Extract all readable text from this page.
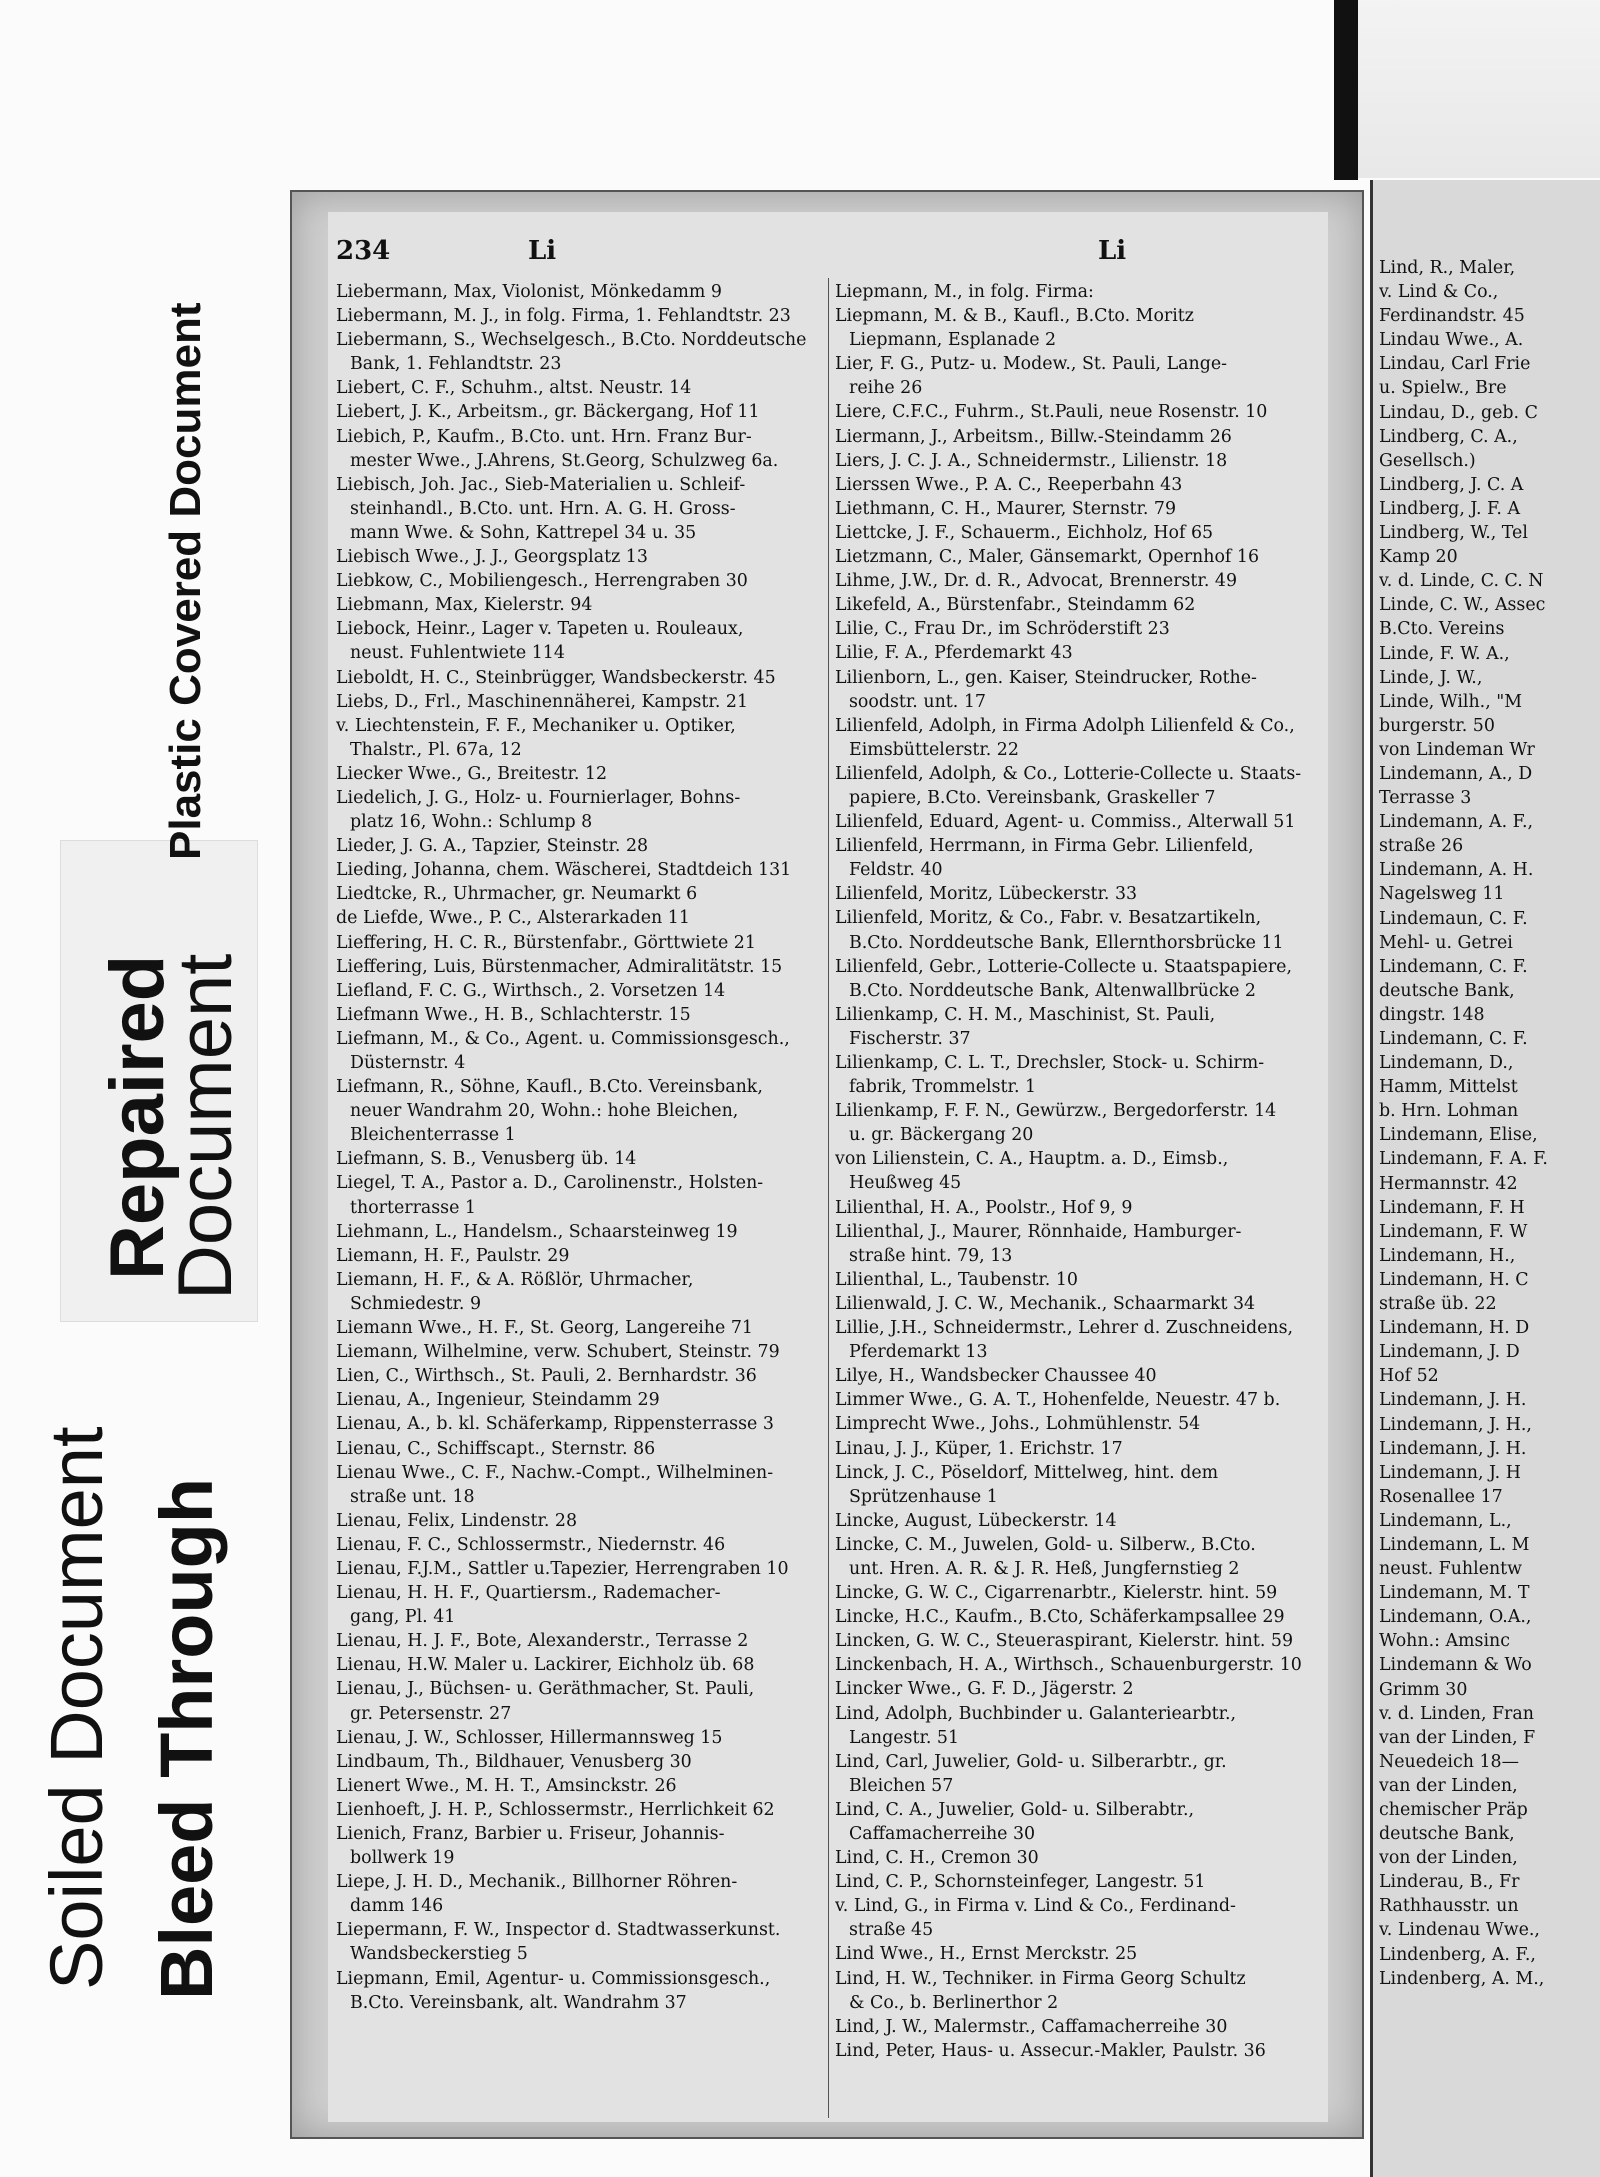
Bleed Through
Soiled Document
Repaired
Document
Plastic Covered Document
234	Li	Li
Liebermann, Max, Violonist, Mönkedamm 9
Liebermann, M. J., in folg. Firma, 1. Fehlandtstr. 23
Liebermann, S., Wechselgesch., B.Cto. Norddeutsche
Bank, 1. Fehlandtstr. 23
Liebert, C. F., Schuhm., altst. Neustr. 14
Liebert, J. K., Arbeitsm., gr. Bäckergang, Hof 11
Liebich, P., Kaufm., B.Cto. unt. Hrn. Franz Bur-
mester Wwe., J.Ahrens, St.Georg, Schulzweg 6a.
Liebisch, Joh. Jac., Sieb-Materialien u. Schleif-
steinhandl., B.Cto. unt. Hrn. A. G. H. Gross-
mann Wwe. & Sohn, Kattrepel 34 u. 35
Liebisch Wwe., J. J., Georgsplatz 13
Liebkow, C., Mobiliengesch., Herrengraben 30
Liebmann, Max, Kielerstr. 94
Liebock, Heinr., Lager v. Tapeten u. Rouleaux,
neust. Fuhlentwiete 114
Lieboldt, H. C., Steinbrügger, Wandsbeckerstr. 45
Liebs, D., Frl., Maschinennäherei, Kampstr. 21
v. Liechtenstein, F. F., Mechaniker u. Optiker,
Thalstr., Pl. 67a, 12
Liecker Wwe., G., Breitestr. 12
Liedelich, J. G., Holz- u. Fournierlager, Bohns-
platz 16, Wohn.: Schlump 8
Lieder, J. G. A., Tapzier, Steinstr. 28
Lieding, Johanna, chem. Wäscherei, Stadtdeich 131
Liedtcke, R., Uhrmacher, gr. Neumarkt 6
de Liefde, Wwe., P. C., Alsterarkaden 11
Lieffering, H. C. R., Bürstenfabr., Görttwiete 21
Lieffering, Luis, Bürstenmacher, Admiralitätstr. 15
Liefland, F. C. G., Wirthsch., 2. Vorsetzen 14
Liefmann Wwe., H. B., Schlachterstr. 15
Liefmann, M., & Co., Agent. u. Commissionsgesch.,
Düsternstr. 4
Liefmann, R., Söhne, Kaufl., B.Cto. Vereinsbank,
neuer Wandrahm 20, Wohn.: hohe Bleichen,
Bleichenterrasse 1
Liefmann, S. B., Venusberg üb. 14
Liegel, T. A., Pastor a. D., Carolinenstr., Holsten-
thorterrasse 1
Liehmann, L., Handelsm., Schaarsteinweg 19
Liemann, H. F., Paulstr. 29
Liemann, H. F., & A. Rößlör, Uhrmacher,
Schmiedestr. 9
Liemann Wwe., H. F., St. Georg, Langereihe 71
Liemann, Wilhelmine, verw. Schubert, Steinstr. 79
Lien, C., Wirthsch., St. Pauli, 2. Bernhardstr. 36
Lienau, A., Ingenieur, Steindamm 29
Lienau, A., b. kl. Schäferkamp, Rippensterrasse 3
Lienau, C., Schiffscapt., Sternstr. 86
Lienau Wwe., C. F., Nachw.-Compt., Wilhelminen-
straße unt. 18
Lienau, Felix, Lindenstr. 28
Lienau, F. C., Schlossermstr., Niedernstr. 46
Lienau, F.J.M., Sattler u.Tapezier, Herrengraben 10
Lienau, H. H. F., Quartiersm., Rademacher-
gang, Pl. 41
Lienau, H. J. F., Bote, Alexanderstr., Terrasse 2
Lienau, H.W. Maler u. Lackirer, Eichholz üb. 68
Lienau, J., Büchsen- u. Geräthmacher, St. Pauli,
gr. Petersenstr. 27
Lienau, J. W., Schlosser, Hillermannsweg 15
Lindbaum, Th., Bildhauer, Venusberg 30
Lienert Wwe., M. H. T., Amsinckstr. 26
Lienhoeft, J. H. P., Schlossermstr., Herrlichkeit 62
Lienich, Franz, Barbier u. Friseur, Johannis-
bollwerk 19
Liepe, J. H. D., Mechanik., Billhorner Röhren-
damm 146
Liepermann, F. W., Inspector d. Stadtwasserkunst.
Wandsbeckerstieg 5
Liepmann, Emil, Agentur- u. Commissionsgesch.,
B.Cto. Vereinsbank, alt. Wandrahm 37
Liepmann, M., in folg. Firma:
Liepmann, M. & B., Kaufl., B.Cto. Moritz
Liepmann, Esplanade 2
Lier, F. G., Putz- u. Modew., St. Pauli, Lange-
reihe 26
Liere, C.F.C., Fuhrm., St.Pauli, neue Rosenstr. 10
Liermann, J., Arbeitsm., Billw.-Steindamm 26
Liers, J. C. J. A., Schneidermstr., Lilienstr. 18
Lierssen Wwe., P. A. C., Reeperbahn 43
Liethmann, C. H., Maurer, Sternstr. 79
Liettcke, J. F., Schauerm., Eichholz, Hof 65
Lietzmann, C., Maler, Gänsemarkt, Opernhof 16
Lihme, J.W., Dr. d. R., Advocat, Brennerstr. 49
Likefeld, A., Bürstenfabr., Steindamm 62
Lilie, C., Frau Dr., im Schröderstift 23
Lilie, F. A., Pferdemarkt 43
Lilienborn, L., gen. Kaiser, Steindrucker, Rothe-
soodstr. unt. 17
Lilienfeld, Adolph, in Firma Adolph Lilienfeld & Co.,
Eimsbüttelerstr. 22
Lilienfeld, Adolph, & Co., Lotterie-Collecte u. Staats-
papiere, B.Cto. Vereinsbank, Graskeller 7
Lilienfeld, Eduard, Agent- u. Commiss., Alterwall 51
Lilienfeld, Herrmann, in Firma Gebr. Lilienfeld,
Feldstr. 40
Lilienfeld, Moritz, Lübeckerstr. 33
Lilienfeld, Moritz, & Co., Fabr. v. Besatzartikeln,
B.Cto. Norddeutsche Bank, Ellernthorsbrücke 11
Lilienfeld, Gebr., Lotterie-Collecte u. Staatspapiere,
B.Cto. Norddeutsche Bank, Altenwallbrücke 2
Lilienkamp, C. H. M., Maschinist, St. Pauli,
Fischerstr. 37
Lilienkamp, C. L. T., Drechsler, Stock- u. Schirm-
fabrik, Trommelstr. 1
Lilienkamp, F. F. N., Gewürzw., Bergedorferstr. 14
u. gr. Bäckergang 20
von Lilienstein, C. A., Hauptm. a. D., Eimsb.,
Heußweg 45
Lilienthal, H. A., Poolstr., Hof 9, 9
Lilienthal, J., Maurer, Rönnhaide, Hamburger-
straße hint. 79, 13
Lilienthal, L., Taubenstr. 10
Lilienwald, J. C. W., Mechanik., Schaarmarkt 34
Lillie, J.H., Schneidermstr., Lehrer d. Zuschneidens,
Pferdemarkt 13
Lilye, H., Wandsbecker Chaussee 40
Limmer Wwe., G. A. T., Hohenfelde, Neuestr. 47 b.
Limprecht Wwe., Johs., Lohmühlenstr. 54
Linau, J. J., Küper, 1. Erichstr. 17
Linck, J. C., Pöseldorf, Mittelweg, hint. dem
Sprützenhause 1
Lincke, August, Lübeckerstr. 14
Lincke, C. M., Juwelen, Gold- u. Silberw., B.Cto.
unt. Hren. A. R. & J. R. Heß, Jungfernstieg 2
Lincke, G. W. C., Cigarrenarbtr., Kielerstr. hint. 59
Lincke, H.C., Kaufm., B.Cto, Schäferkampsallee 29
Lincken, G. W. C., Steueraspirant, Kielerstr. hint. 59
Linckenbach, H. A., Wirthsch., Schauenburgerstr. 10
Lincker Wwe., G. F. D., Jägerstr. 2
Lind, Adolph, Buchbinder u. Galanteriearbtr.,
Langestr. 51
Lind, Carl, Juwelier, Gold- u. Silberarbtr., gr.
Bleichen 57
Lind, C. A., Juwelier, Gold- u. Silberabtr.,
Caffamacherreihe 30
Lind, C. H., Cremon 30
Lind, C. P., Schornsteinfeger, Langestr. 51
v. Lind, G., in Firma v. Lind & Co., Ferdinand-
straße 45
Lind Wwe., H., Ernst Merckstr. 25
Lind, H. W., Techniker. in Firma Georg Schultz
& Co., b. Berlinerthor 2
Lind, J. W., Malermstr., Caffamacherreihe 30
Lind, Peter, Haus- u. Assecur.-Makler, Paulstr. 36
Lind, R., Maler,
v. Lind & Co.,
Ferdinandstr. 45
Lindau Wwe., A.
Lindau, Carl Frie
u. Spielw., Bre
Lindau, D., geb. C
Lindberg, C. A.,
Gesellsch.)
Lindberg, J. C. A
Lindberg, J. F. A
Lindberg, W., Tel
Kamp 20
v. d. Linde, C. C. N
Linde, C. W., Assec
B.Cto. Vereins
Linde, F. W. A.,
Linde, J. W.,
Linde, Wilh., "M
burgerstr. 50
von Lindeman Wr
Lindemann, A., D
Terrasse 3
Lindemann, A. F.,
straße 26
Lindemann, A. H.
Nagelsweg 11
Lindemaun, C. F.
Mehl- u. Getrei
Lindemann, C. F.
deutsche Bank,
dingstr. 148
Lindemann, C. F.
Lindemann, D.,
Hamm, Mittelst
b. Hrn. Lohman
Lindemann, Elise,
Lindemann, F. A. F.
Hermannstr. 42
Lindemann, F. H
Lindemann, F. W
Lindemann, H.,
Lindemann, H. C
straße üb. 22
Lindemann, H. D
Lindemann, J. D
Hof 52
Lindemann, J. H.
Lindemann, J. H.,
Lindemann, J. H.
Lindemann, J. H
Rosenallee 17
Lindemann, L.,
Lindemann, L. M
neust. Fuhlentw
Lindemann, M. T
Lindemann, O.A.,
Wohn.: Amsinc
Lindemann & Wo
Grimm 30
v. d. Linden, Fran
van der Linden, F
Neuedeich 18—
van der Linden,
chemischer Präp
deutsche Bank,
von der Linden,
Linderau, B., Fr
Rathhausstr. un
v. Lindenau Wwe.,
Lindenberg, A. F.,
Lindenberg, A. M.,
